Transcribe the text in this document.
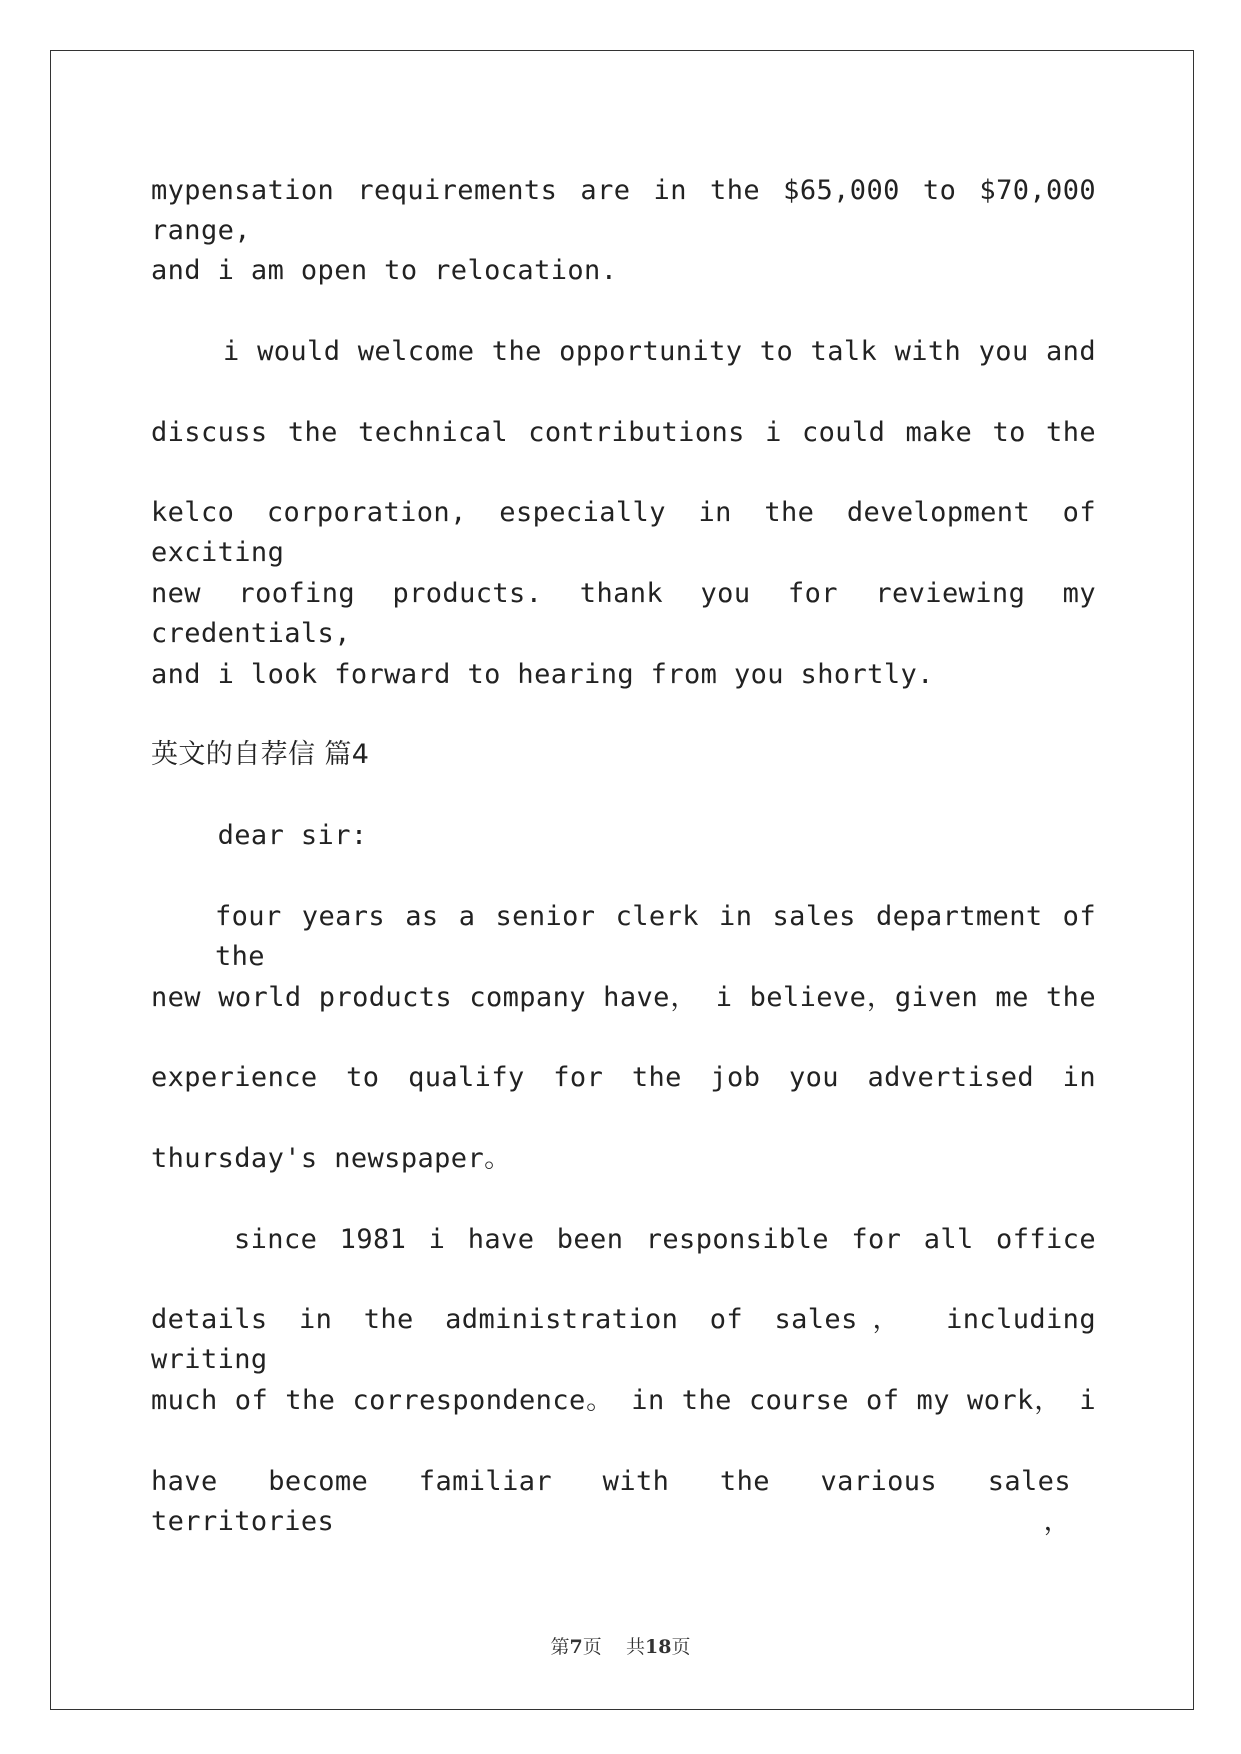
mypensation requirements are in the $65,000 to $70,000 range,
and i am open to relocation.
i would welcome the opportunity to talk with you and
discuss the technical contributions i could make to the
kelco corporation, especially in the development of exciting
new roofing products. thank you for reviewing my credentials,
and i look forward to hearing from you shortly.
英文的自荐信 篇4
dear sir:
four years as a senior clerk in sales department of the
new world products company have， i believe，given me the
experience to qualify for the job you advertised in
thursday's newspaper。
since 1981 i have been responsible for all office
details in the administration of sales， including writing
much of the correspondence。 in the course of my work， i
have become familiar with the various sales territories，
第7页 共18页
